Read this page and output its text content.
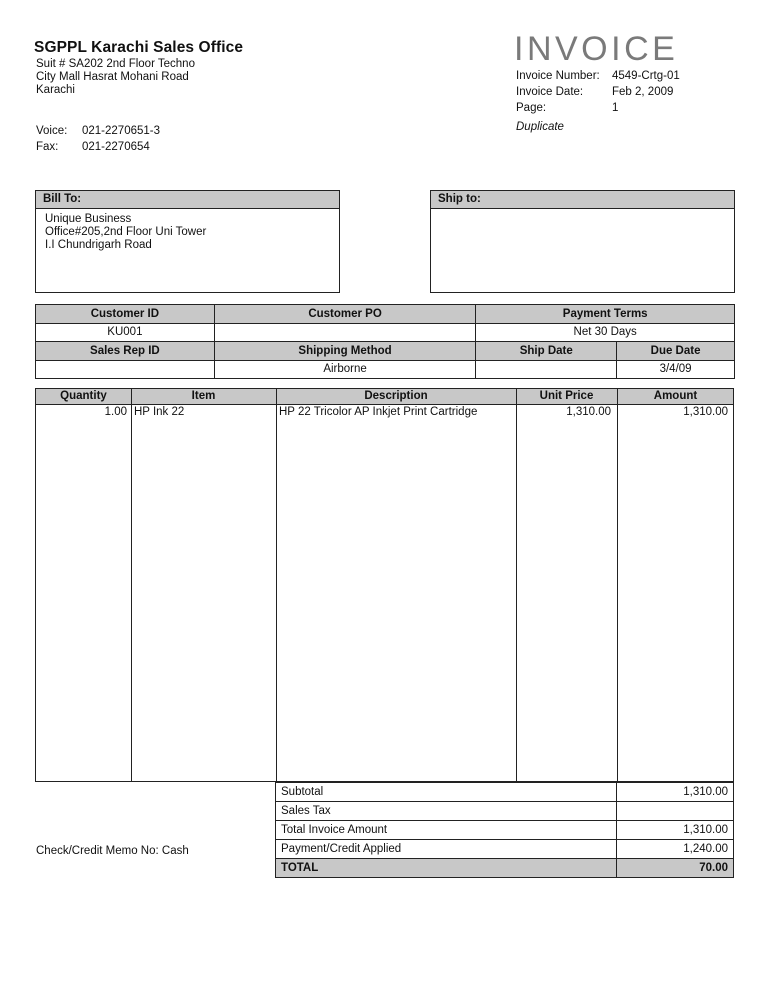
SGPPL Karachi Sales Office
Suit # SA202 2nd Floor Techno
City Mall Hasrat Mohani Road
Karachi
Voice: 021-2270651-3
Fax: 021-2270654
INVOICE
Invoice Number: 4549-Crtg-01
Invoice Date:	Feb 2, 2009
Page:	1
Duplicate
Bill To:
Unique Business
Office#205,2nd Floor Uni Tower
I.I Chundrigarh Road
Ship to:
Customer ID	Customer PO	Payment Terms	
KU001		Net 30 Days	
Sales Rep ID	Shipping Method	Ship Date	Due Date
	Airborne		3/4/09
Quantity	Item	Description	Unit Price	Amount
1.00 HP Ink 22	HP 22 Tricolor AP Inkjet Print Cartridge	1,310.00	1,310.00
Subtotal	1,310.00
Sales Tax	
Total Invoice Amount	1,310.00
Payment/Credit Applied	1,240.00
TOTAL	70.00
Check/Credit Memo No: Cash
